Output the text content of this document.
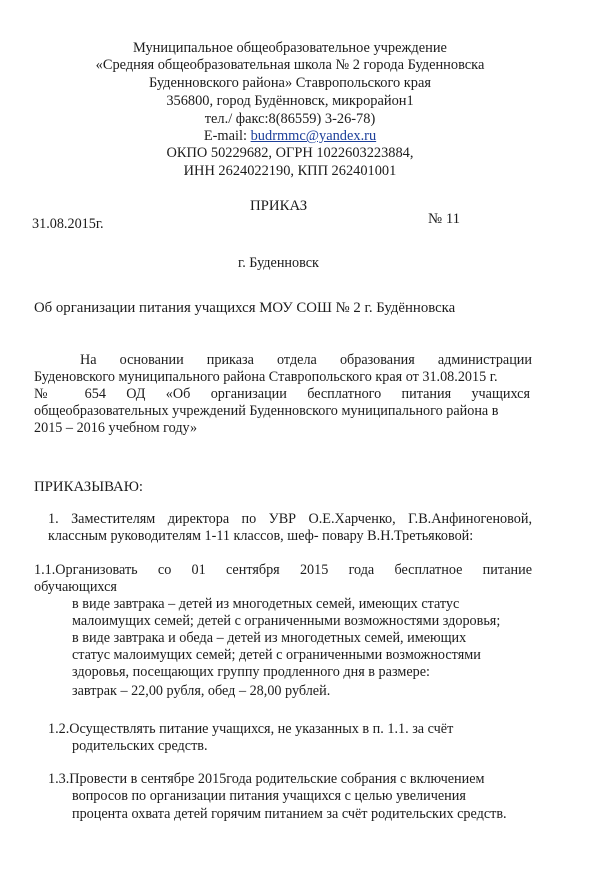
Муниципальное общеобразовательное учреждение
«Средняя общеобразовательная школа № 2 города Буденновска
Буденновского района» Ставропольского края
356800, город Будённовск, микрорайон1
тел./ факс:8(86559) 3-26-78)
E-mail: budrmmc@yandex.ru
ОКПО 50229682, ОГРН 1022603223884,
ИНН 2624022190, КПП 262401001
ПРИКАЗ
31.08.2015г.	№ 11
г. Буденновск
Об организации питания учащихся МОУ СОШ № 2 г. Будённовска
На основании приказа отдела образования администрации
Буденовского муниципального района Ставропольского края от 31.08.2015 г.
№ 654 ОД «Об организации бесплатного питания учащихся
общеобразовательных учреждений Буденновского муниципального района в
2015 – 2016 учебном году»
ПРИКАЗЫВАЮ:
1. Заместителям директора по УВР О.Е.Харченко, Г.В.Анфиногеновой,
классным руководителям 1-11 классов, шеф- повару В.Н.Третьяковой:
1.1.Организовать со 01 сентября 2015 года бесплатное питание
обучающихся
в виде завтрака – детей из многодетных семей, имеющих статус
малоимущих семей; детей с ограниченными возможностями здоровья;
в виде завтрака и обеда – детей из многодетных семей, имеющих
статус малоимущих семей; детей с ограниченными возможностями
здоровья, посещающих группу продленного дня в размере:
завтрак – 22,00 рубля, обед – 28,00 рублей.
1.2.Осуществлять питание учащихся, не указанных в п. 1.1. за счёт
родительских средств.
1.3.Провести в сентябре 2015года родительские собрания с включением
вопросов по организации питания учащихся с целью увеличения
процента охвата детей горячим питанием за счёт родительских средств.
